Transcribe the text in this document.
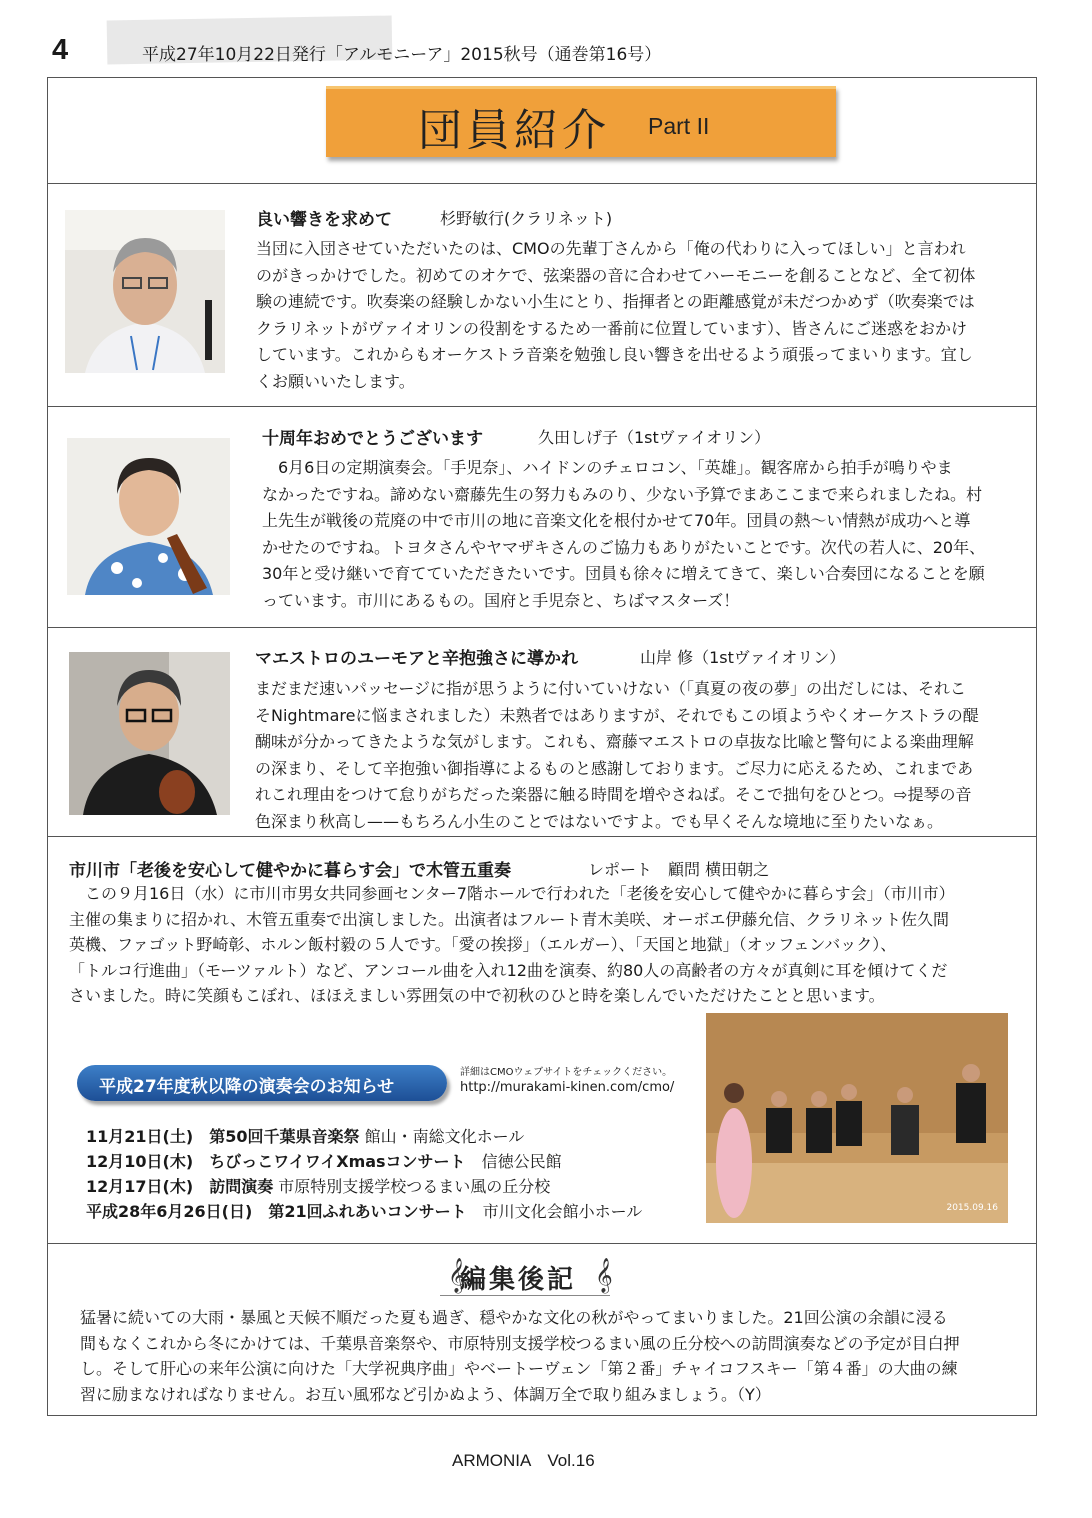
4	平成27年10月22日発行「アルモニーア」2015秋号（通巻第16号）
団員紹介 Part II
良い響きを求めて	杉野敏行(クラリネット)
当団に入団させていただいたのは、CMOの先輩丁さんから「俺の代わりに入ってほしい」と言われ
のがきっかけでした。初めてのオケで、弦楽器の音に合わせてハーモニーを創ることなど、全て初体
験の連続です。吹奏楽の経験しかない小生にとり、指揮者との距離感覚が未だつかめず（吹奏楽では
クラリネットがヴァイオリンの役割をするため一番前に位置しています）、皆さんにご迷惑をおかけ
しています。これからもオーケストラ音楽を勉強し良い響きを出せるよう頑張ってまいります。宜し
くお願いいたします。
十周年おめでとうございます	久田しげ子（1stヴァイオリン）
　6月6日の定期演奏会。「手児奈」、ハイドンのチェロコン、「英雄」。観客席から拍手が鳴りやま
なかったですね。諦めない齋藤先生の努力もみのり、少ない予算でまあここまで来られましたね。村
上先生が戦後の荒廃の中で市川の地に音楽文化を根付かせて70年。団員の熱〜い情熱が成功へと導
かせたのですね。トヨタさんやヤマザキさんのご協力もありがたいことです。次代の若人に、20年、
30年と受け継いで育てていただきたいです。団員も徐々に増えてきて、楽しい合奏団になることを願
っています。市川にあるもの。国府と手児奈と、ちばマスターズ！
マエストロのユーモアと辛抱強さに導かれ	山岸 修（1stヴァイオリン）
まだまだ速いパッセージに指が思うように付いていけない（「真夏の夜の夢」の出だしには、それこ
そNightmareに悩まされました）未熟者ではありますが、それでもこの頃ようやくオーケストラの醍
醐味が分かってきたような気がします。これも、齋藤マエストロの卓抜な比喩と警句による楽曲理解
の深まり、そして辛抱強い御指導によるものと感謝しております。ご尽力に応えるため、これまであ
れこれ理由をつけて怠りがちだった楽器に触る時間を増やさねば。そこで拙句をひとつ。⇨提琴の音
色深まり秋高し——もちろん小生のことではないですよ。でも早くそんな境地に至りたいなぁ。
市川市「老後を安心して健やかに暮らす会」で木管五重奏	レポート　顧問 横田朝之
　この９月16日（水）に市川市男女共同参画センター7階ホールで行われた「老後を安心して健やかに暮らす会」（市川市）
主催の集まりに招かれ、木管五重奏で出演しました。出演者はフルート青木美咲、オーボエ伊藤允信、クラリネット佐久間
英機、ファゴット野崎彰、ホルン飯村毅の５人です。「愛の挨拶」（エルガー）、「天国と地獄」（オッフェンバック）、
「トルコ行進曲」（モーツァルト）など、アンコール曲を入れ12曲を演奏、約80人の高齢者の方々が真剣に耳を傾けてくだ
さいました。時に笑顔もこぼれ、ほほえましい雰囲気の中で初秋のひと時を楽しんでいただけたことと思います。
平成27年度秋以降の演奏会のお知らせ
詳細はCMOウェブサイトをチェックください。
http://murakami-kinen.com/cmo/
11月21日(土)　 第50回千葉県音楽祭 館山・南総文化ホール
12月10日(木)　 ちびっこワイワイXmasコンサート　 信徳公民館
12月17日(木)　 訪問演奏 市原特別支援学校つるまい風の丘分校
平成28年6月26日(日)　 第21回ふれあいコンサート　 市川文化会館小ホール	2015.09.16
𝄞
編集後記 𝄞
猛暑に続いての大雨・暴風と天候不順だった夏も過ぎ、穏やかな文化の秋がやってまいりました。21回公演の余韻に浸る
間もなくこれから冬にかけては、千葉県音楽祭や、市原特別支援学校つるまい風の丘分校への訪問演奏などの予定が目白押
し。そして肝心の来年公演に向けた「大学祝典序曲」やベートーヴェン「第２番」チャイコフスキー「第４番」の大曲の練
習に励まなければなりません。お互い風邪など引かぬよう、体調万全で取り組みましょう。（Y）
ARMONIA　Vol.16
